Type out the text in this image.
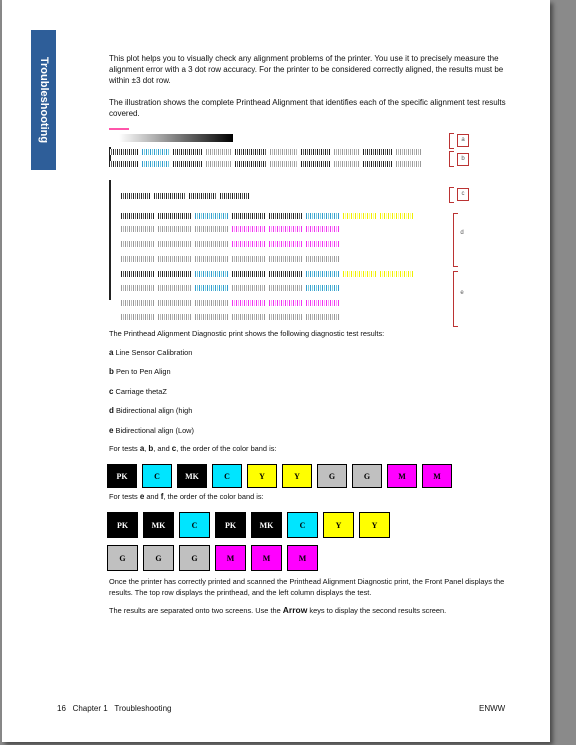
Troubleshooting	This plot helps you to visually check any alignment problems of the printer. You use it to precisely measure the alignment error with a 3 dot row accuracy. For the printer to be considered correctly aligned, the results must be within ±3 dot row.

The illustration shows the complete Printhead Alignment that identifies each of the specific alignment test results covered.

a
b
c
d
e

The Printhead Alignment Diagnostic print shows the following diagnostic test results:

a Line Sensor Calibration
b Pen to Pen Align
c Carriage thetaZ
d Bidirectional align (high
e Bidirectional align (Low)
For tests a, b, and c, the order of the color band is:
PK	C	MK	C	Y	Y	G	G	M	M
For tests e and f, the order of the color band is:
PK	MK	C	PK	MK	C	Y	Y
G	G	G	M	M	M

Once the printer has correctly printed and scanned the Printhead Alignment Diagnostic print, the Front Panel displays the results. The top row displays the printhead, and the left column displays the test.

The results are separated onto two screens. Use the Arrow keys to display the second results screen.

16 Chapter 1 Troubleshooting	ENWW
